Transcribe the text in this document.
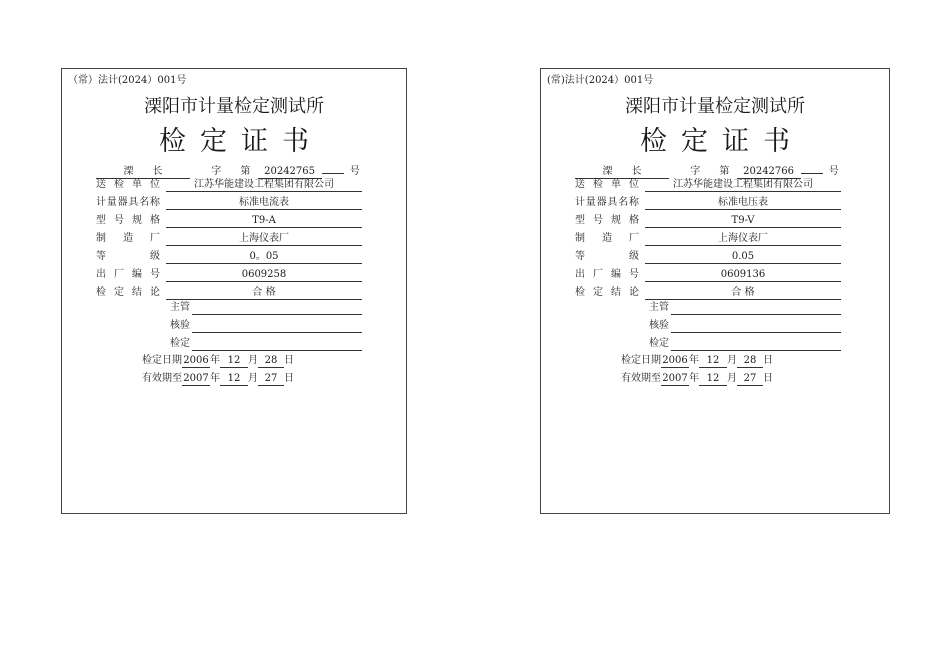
（常）法计(2024）001号
溧阳市计量检定测试所
检定证书
溧 长	字 第 20242765	号
送 检 单 位	江苏华能建设工程集团有限公司
计 量 器 具 名 称	标准电流表
型 号 规 格	T9-A
制 造 厂	上海仪表厂
等	级	0。05
出 厂 编 号	0609258
检 定 结 论	合 格
主管
核验
检定
检定日期2006年 12 月 28 日
有效期至2007年 12 月 27 日
(常)法计(2024）001号
溧阳市计量检定测试所
检定证书
溧 长	字 第 20242766	号
送 检 单 位	江苏华能建设工程集团有限公司
计 量 器 具 名 称	标准电压表
型 号 规 格	T9-V
制 造 厂	上海仪表厂
等	级	0.05
出 厂 编 号	0609136
检 定 结 论	合 格
主管
核验
检定
检定日期2006年 12 月 28 日
有效期至2007年 12 月 27 日
